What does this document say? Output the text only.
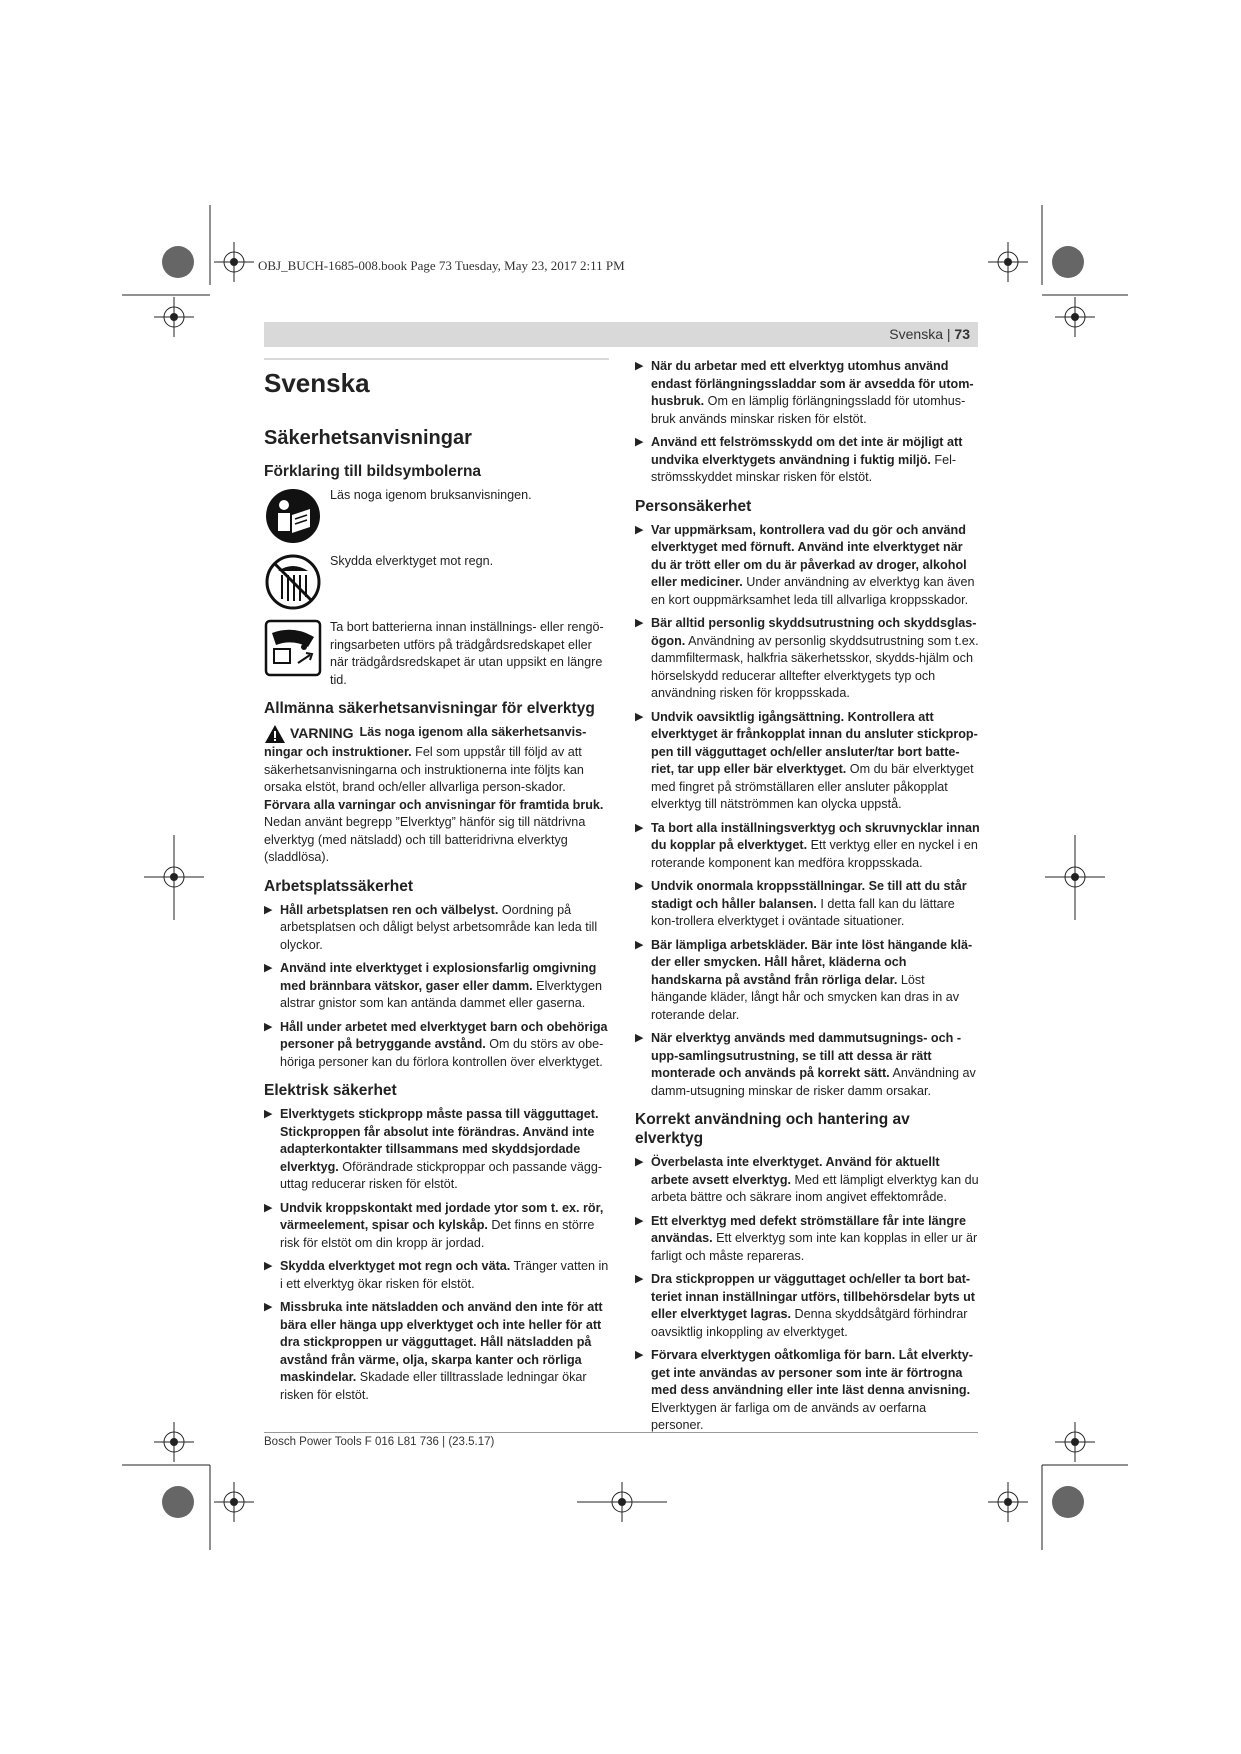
OBJ_BUCH-1685-008.book Page 73 Tuesday, May 23, 2017 2:11 PM
Svenska | 73
Svenska
Säkerhetsanvisningar
Förklaring till bildsymbolerna
Läs noga igenom bruksanvisningen.
Skydda elverktyget mot regn.
Ta bort batterierna innan inställnings- eller rengö-ringsarbeten utförs på trädgårdsredskapet eller när trädgårdsredskapet är utan uppsikt en längre tid.
Allmänna säkerhetsanvisningar för elverktyg

VARNING Läs noga igenom alla säkerhetsanvis-ningar och instruktioner. Fel som uppstår till följd av att säkerhetsanvisningarna och instruktionerna inte följts kan orsaka elstöt, brand och/eller allvarliga person-skador.

Förvara alla varningar och anvisningar för framtida bruk.

Nedan använt begrepp ”Elverktyg” hänför sig till nätdrivna elverktyg (med nätsladd) och till batteridrivna elverktyg (sladdlösa).

Arbetsplatssäkerhet
▶ Håll arbetsplatsen ren och välbelyst. Oordning på arbetsplatsen och dåligt belyst arbetsområde kan leda till olyckor.
▶ Använd inte elverktyget i explosionsfarlig omgivning med brännbara vätskor, gaser eller damm. Elverktygen alstrar gnistor som kan antända dammet eller gaserna.
▶ Håll under arbetet med elverktyget barn och obehöriga personer på betryggande avstånd. Om du störs av obe-höriga personer kan du förlora kontrollen över elverktyget.
Elektrisk säkerhet
▶ Elverktygets stickpropp måste passa till vägguttaget. Stickproppen får absolut inte förändras. Använd inte adapterkontakter tillsammans med skyddsjordade elverktyg. Oförändrade stickproppar och passande vägg-uttag reducerar risken för elstöt.
▶ Undvik kroppskontakt med jordade ytor som t. ex. rör, värmeelement, spisar och kylskåp. Det finns en större risk för elstöt om din kropp är jordad.
▶ Skydda elverktyget mot regn och väta. Tränger vatten in i ett elverktyg ökar risken för elstöt.
▶ Missbruka inte nätsladden och använd den inte för att bära eller hänga upp elverktyget och inte heller för att dra stickproppen ur vägguttaget. Håll nätsladden på avstånd från värme, olja, skarpa kanter och rörliga maskindelar. Skadade eller tilltrasslade ledningar ökar risken för elstöt.
▶ När du arbetar med ett elverktyg utomhus använd endast förlängningssladdar som är avsedda för utom-husbruk. Om en lämplig förlängningssladd för utomhus-bruk används minskar risken för elstöt.
▶ Använd ett felströmsskydd om det inte är möjligt att undvika elverktygets användning i fuktig miljö. Fel-strömsskyddet minskar risken för elstöt.
Personsäkerhet
▶ Var uppmärksam, kontrollera vad du gör och använd elverktyget med förnuft. Använd inte elverktyget när du är trött eller om du är påverkad av droger, alkohol eller mediciner. Under användning av elverktyg kan även en kort ouppmärksamhet leda till allvarliga kroppsskador.
▶ Bär alltid personlig skyddsutrustning och skyddsglas-ögon. Användning av personlig skyddsutrustning som t.ex. dammfiltermask, halkfria säkerhetsskor, skydds-hjälm och hörselskydd reducerar alltefter elverktygets typ och användning risken för kroppsskada.
▶ Undvik oavsiktlig igångsättning. Kontrollera att elverktyget är frånkopplat innan du ansluter stickprop-pen till vägguttaget och/eller ansluter/tar bort batte-riet, tar upp eller bär elverktyget. Om du bär elverktyget med fingret på strömställaren eller ansluter påkopplat elverktyg till nätströmmen kan olycka uppstå.
▶ Ta bort alla inställningsverktyg och skruvnycklar innan du kopplar på elverktyget. Ett verktyg eller en nyckel i en roterande komponent kan medföra kroppsskada.
▶ Undvik onormala kroppsställningar. Se till att du står stadigt och håller balansen. I detta fall kan du lättare kon-trollera elverktyget i oväntade situationer.
▶ Bär lämpliga arbetskläder. Bär inte löst hängande klä-der eller smycken. Håll håret, kläderna och handskarna på avstånd från rörliga delar. Löst hängande kläder, långt hår och smycken kan dras in av roterande delar.
▶ När elverktyg används med dammutsugnings- och -upp-samlingsutrustning, se till att dessa är rätt monterade och används på korrekt sätt. Användning av damm-utsugning minskar de risker damm orsakar.
Korrekt användning och hantering av elverktyg
▶ Överbelasta inte elverktyget. Använd för aktuellt arbete avsett elverktyg. Med ett lämpligt elverktyg kan du arbeta bättre och säkrare inom angivet effektområde.
▶ Ett elverktyg med defekt strömställare får inte längre användas. Ett elverktyg som inte kan kopplas in eller ur är farligt och måste repareras.
▶ Dra stickproppen ur vägguttaget och/eller ta bort bat-teriet innan inställningar utförs, tillbehörsdelar byts ut eller elverktyget lagras. Denna skyddsåtgärd förhindrar oavsiktlig inkoppling av elverktyget.
▶ Förvara elverktygen oåtkomliga för barn. Låt elverkty-get inte användas av personer som inte är förtrogna med dess användning eller inte läst denna anvisning. Elverktygen är farliga om de används av oerfarna personer.
Bosch Power Tools F 016 L81 736 | (23.5.17)
